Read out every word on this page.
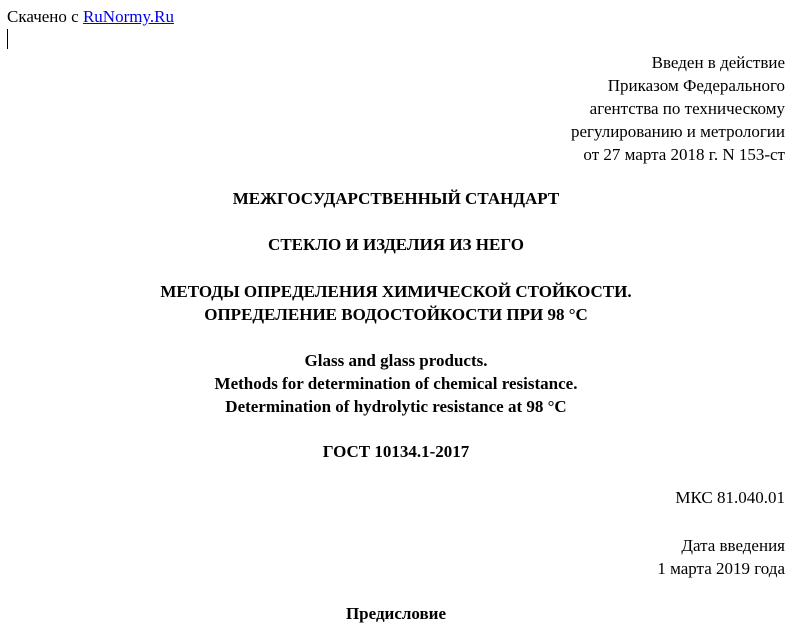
Скачено с RuNormy.Ru
Введен в действие
Приказом Федерального
агентства по техническому
регулированию и метрологии
от 27 марта 2018 г. N 153-ст
МЕЖГОСУДАРСТВЕННЫЙ СТАНДАРТ
СТЕКЛО И ИЗДЕЛИЯ ИЗ НЕГО
МЕТОДЫ ОПРЕДЕЛЕНИЯ ХИМИЧЕСКОЙ СТОЙКОСТИ.
ОПРЕДЕЛЕНИЕ ВОДОСТОЙКОСТИ ПРИ 98 °С
Glass and glass products.
Methods for determination of chemical resistance.
Determination of hydrolytic resistance at 98 °C
ГОСТ 10134.1-2017
МКС 81.040.01
Дата введения
1 марта 2019 года
Предисловие
